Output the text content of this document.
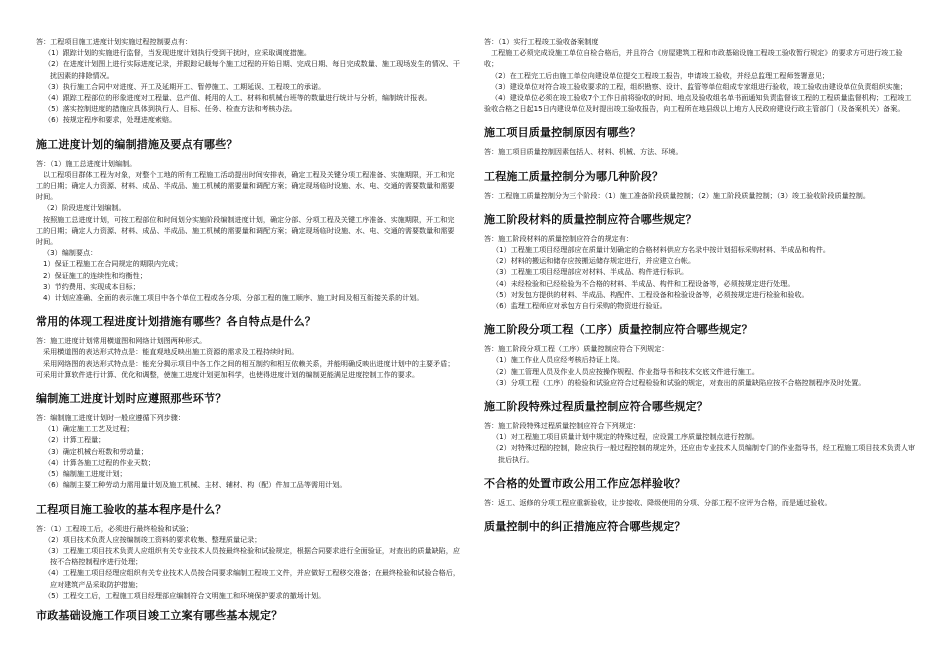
答：工程项目施工进度计划实施过程控制要点有：

（1）跟踪计划的实施进行监督，当发现进度计划执行受到干扰时，应采取调度措施。

（2）在进度计划图上进行实际进度记录，并跟踪记载每个施工过程的开始日期、完成日期、每日完成数量、施工现场发生的情况、干扰因素的排除情况。

（3）执行施工合同中对进度、开工及延期开工、暂停施工、工期延误、工程竣工的承诺。

（4）跟踪工程部位的形象进度对工程量、总产值、耗用的人工、材料和机械台班等的数量进行统计与分析，编制统计报表。

（5）落实控制进度的措施应具体到执行人、目标、任务、检查方法和考核办法。

（6）按规定程序和要求，处理进度索赔。

施工进度计划的编制措施及要点有哪些？

答：（1）施工总进度计划编制。

以工程项目群体工程为对象，对整个工地的所有工程施工活动提出时间安排表，确定工程及关键分项工程准备、实施期限，开工和完工的日期；确定人力资源、材料、成品、半成品、施工机械的需要量和调配方案；确定现场临时设施、水、电、交通的需要数量和需要时间。

（2）阶段进度计划编制。

按照施工总进度计划，可按工程部位和时间划分实施阶段编制进度计划，确定分部、分项工程及关键工序准备、实施期限，开工和完工的日期；确定人力资源、材料、成品、半成品、施工机械的需要量和调配方案；确定现场临时设施、水、电、交通的需要数量和需要时间。

（3）编制要点：

1）保证工程施工在合同规定的期限内完成；

2）保证施工的连续性和均衡性；

3）节约费用、实现成本目标；

4）计划应准确、全面的表示施工项目中各个单位工程或各分项、分部工程的施工顺序、施工时间及相互衔接关系的计划。

常用的体现工程进度计划措施有哪些？各自特点是什么？

答：施工进度计划常用横道图和网络计划图两种形式。

采用横道图的表达形式特点是：能直观地反映出施工资源的需求及工程持续时间。

采用网络图的表达形式特点是：能充分揭示项目中各工作之间的相互制约和相互依赖关系，并能明确反映出进度计划中的主要矛盾；可采用计算软件进行计算、优化和调整，使施工进度计划更加科学，也使得进度计划的编制更能满足进度控制工作的要求。

编制施工进度计划时应遵照那些环节？

答：编制施工进度计划时一般应遵循下列步骤：

（1）确定施工工艺及过程；

（2）计算工程量；

（3）确定机械台班数和劳动量；

（4）计算各施工过程的作业天数；

（5）编制施工进度计划；

（6）编制主要工种劳动力需用量计划及施工机械、主材、辅材、构（配）件加工品等需用计划。

工程项目施工验收的基本程序是什么？

答：（1）工程竣工后，必须进行最终检验和试验；

（2）项目技术负责人应按编制竣工资料的要求收集、整理质量记录；

（3）工程施工项目技术负责人应组织有关专业技术人员按最终检验和试验规定，根据合同要求进行全面验证，对查出的质量缺陷，应按不合格控制程序进行处理；

（4）工程施工项目经理应组织有关专业技术人员按合同要求编制工程竣工文件，并应做好工程移交准备；在最终检验和试验合格后，应对建筑产品采取防护措施；

（5）工程交工后，工程施工项目经理部应编制符合文明施工和环境保护要求的撤场计划。

市政基础设施工作项目竣工立案有哪些基本规定？

答：（1）实行工程竣工验收备案制度

工程施工必须完成设施工单位自检合格后，并且符合《房屋建筑工程和市政基础设施工程竣工验收暂行规定》的要求方可进行竣工验收；

（2）在工程完工后由施工单位向建设单位提交工程竣工报告，申请竣工验收，并经总监理工程师签署意见；

（3）建设单位对符合竣工验收要求的工程，组织勘察、设计、监管等单位组成专家组进行验收，竣工验收由建设单位负责组织实施；

（4）建设单位必须在竣工验收7个工作日前将验收的时间、地点及验收组名单书面通知负责监督该工程的工程质量监督机构；工程竣工验收合格之日起15日内建设单位及时提出竣工验收报告，向工程所在地县级以上地方人民政府建设行政主管部门（及备案机关）备案。

施工项目质量控制原因有哪些？

答：施工项目质量控制因素包括人、材料、机械、方法、环境。

工程施工质量控制分为哪几种阶段？

答：工程施工质量控制分为三个阶段：（1）施工准备阶段质量控制；（2）施工阶段质量控制；（3）竣工验收阶段质量控制。

施工阶段材料的质量控制应符合哪些规定？

答：施工阶段材料的质量控制应符合的规定有：

（1）工程施工项目经理部应在质量计划确定的合格材料供应方名录中按计划招标采购材料、半成品和构件。

（2）材料的搬运和储存应按搬运储存规定进行，并应建立台帐。

（3）工程施工项目经理部应对材料、半成品、构件进行标识。

（4）未经检验和已经检验为不合格的材料、半成品、构件和工程设备等，必须按规定进行处理。

（5）对发包方提供的材料、半成品、构配件、工程设备和检验设备等，必须按规定进行检验和验收。

（6）监理工程师应对承包方自行采购的物资进行验证。

施工阶段分项工程（工序）质量控制应符合哪些规定？

答：施工阶段分项工程（工序）质量控制应符合下列规定：

（1）施工作业人员应经考核后持证上岗。

（2）施工管理人员及作业人员应按操作规程、作业指导书和技术交底文件进行施工。

（3）分项工程（工序）的检验和试验应符合过程检验和试验的规定，对查出的质量缺陷应按不合格控制程序及时处置。

施工阶段特殊过程质量控制应符合哪些规定？

答：施工阶段特殊过程质量控制应符合下列规定：

（1）对工程施工项目质量计划中规定的特殊过程，应设置工序质量控制点进行控制。

（2）对特殊过程的控制，除应执行一般过程控制的规定外，还应由专业技术人员编制专门的作业指导书，经工程施工项目技术负责人审批后执行。

不合格的处置市政公用工作应怎样验收？

答：返工、返修的分项工程应重新验收，让步接收、降级使用的分项、分部工程不应评为合格，而是通过验收。

质量控制中的纠正措施应符合哪些规定？
